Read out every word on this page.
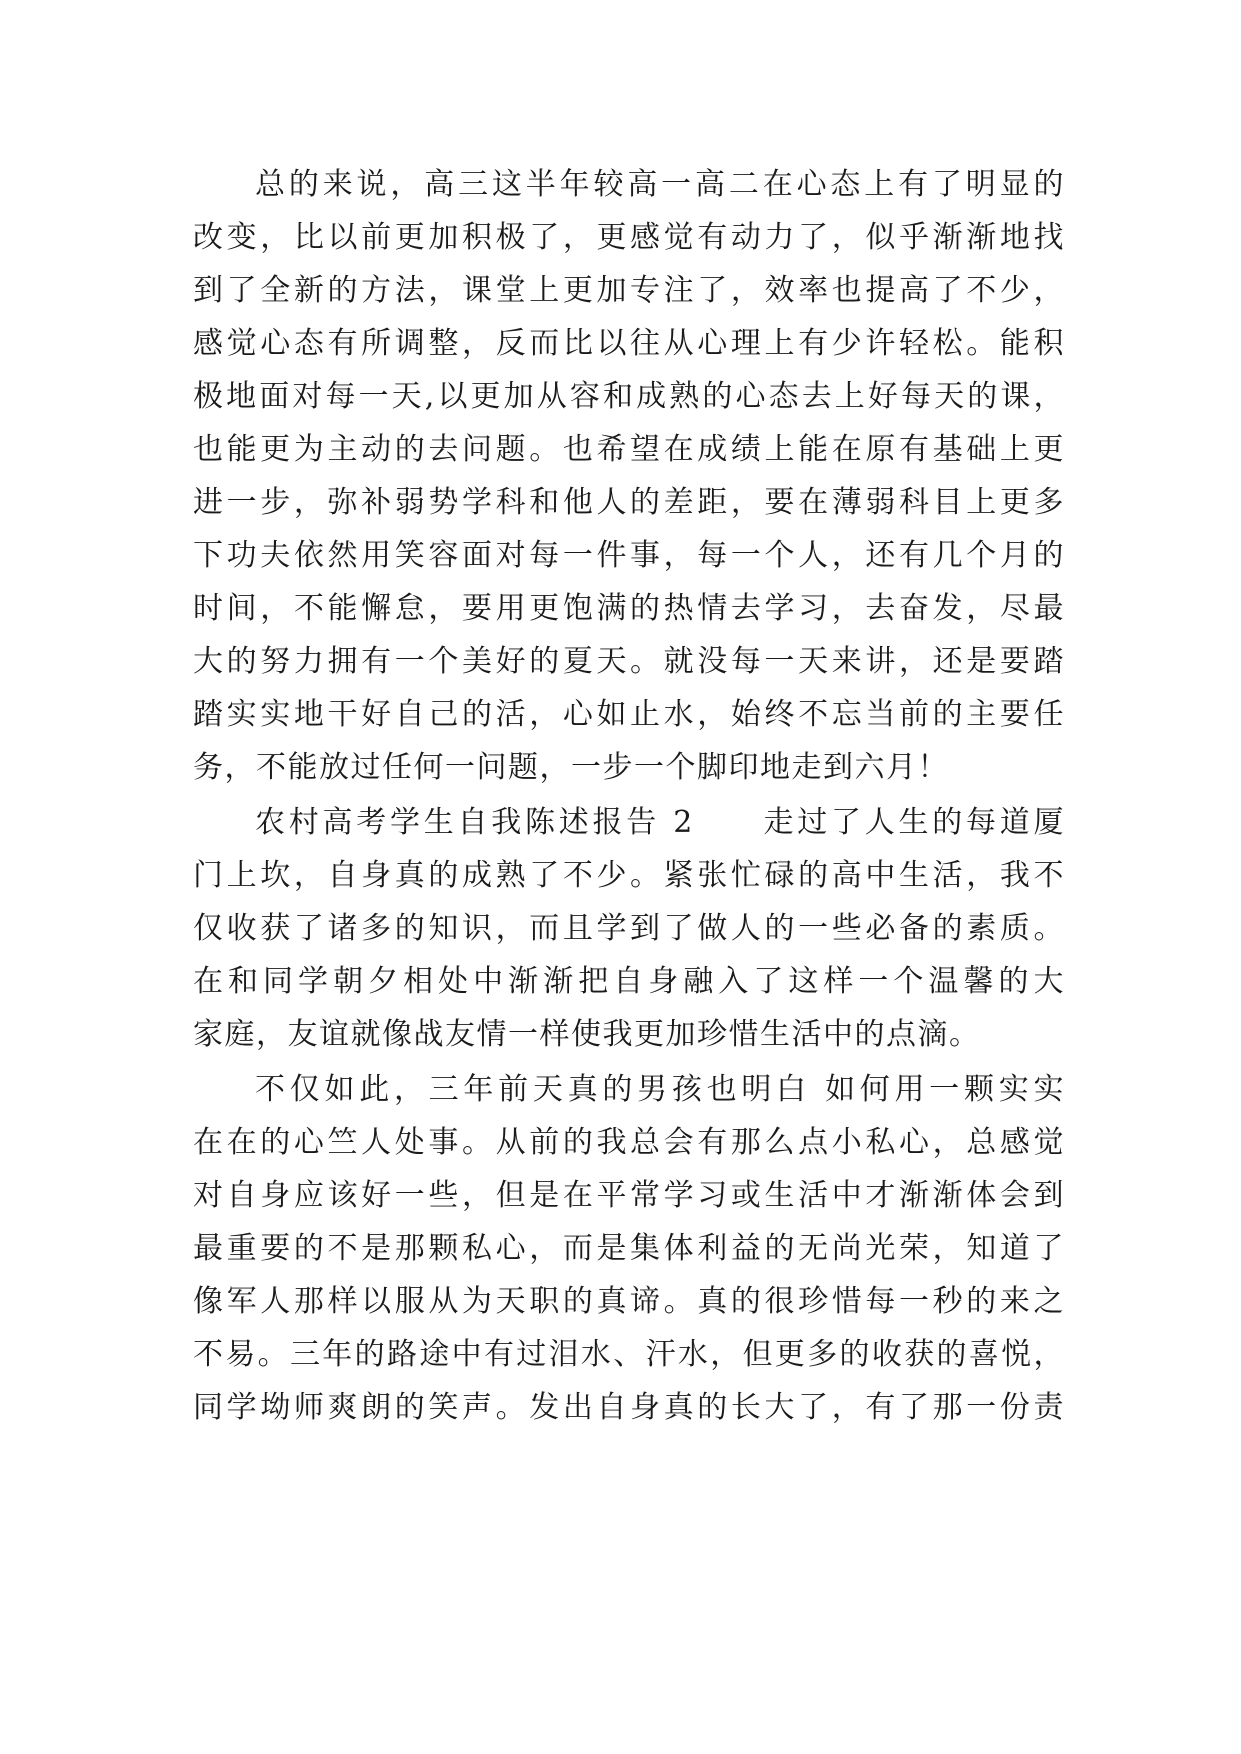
总的来说，高三这半年较高一高二在心态上有了明显的
改变，比以前更加积极了，更感觉有动力了，似乎渐渐地找
到了全新的方法，课堂上更加专注了，效率也提高了不少，
感觉心态有所调整，反而比以往从心理上有少许轻松。能积
极地面对每一天,以更加从容和成熟的心态去上好每天的课，
也能更为主动的去问题。也希望在成绩上能在原有基础上更
进一步，弥补弱势学科和他人的差距，要在薄弱科目上更多
下功夫依然用笑容面对每一件事，每一个人，还有几个月的
时间，不能懈怠，要用更饱满的热情去学习，去奋发，尽最
大的努力拥有一个美好的夏天。就没每一天来讲，还是要踏
踏实实地干好自己的活，心如止水，始终不忘当前的主要任
务，不能放过任何一问题，一步一个脚印地走到六月！
农村高考学生自我陈述报告 2　　走过了人生的每道厦
门上坎，自身真的成熟了不少。紧张忙碌的高中生活，我不
仅收获了诸多的知识，而且学到了做人的一些必备的素质。
在和同学朝夕相处中渐渐把自身融入了这样一个温馨的大
家庭，友谊就像战友情一样使我更加珍惜生活中的点滴。
不仅如此，三年前天真的男孩也明白 如何用一颗实实
在在的心竺人处事。从前的我总会有那么点小私心，总感觉
对自身应该好一些，但是在平常学习或生活中才渐渐体会到
最重要的不是那颗私心，而是集体利益的无尚光荣，知道了
像军人那样以服从为天职的真谛。真的很珍惜每一秒的来之
不易。三年的路途中有过泪水、汗水，但更多的收获的喜悦，
同学坳师爽朗的笑声。发出自身真的长大了，有了那一份责
